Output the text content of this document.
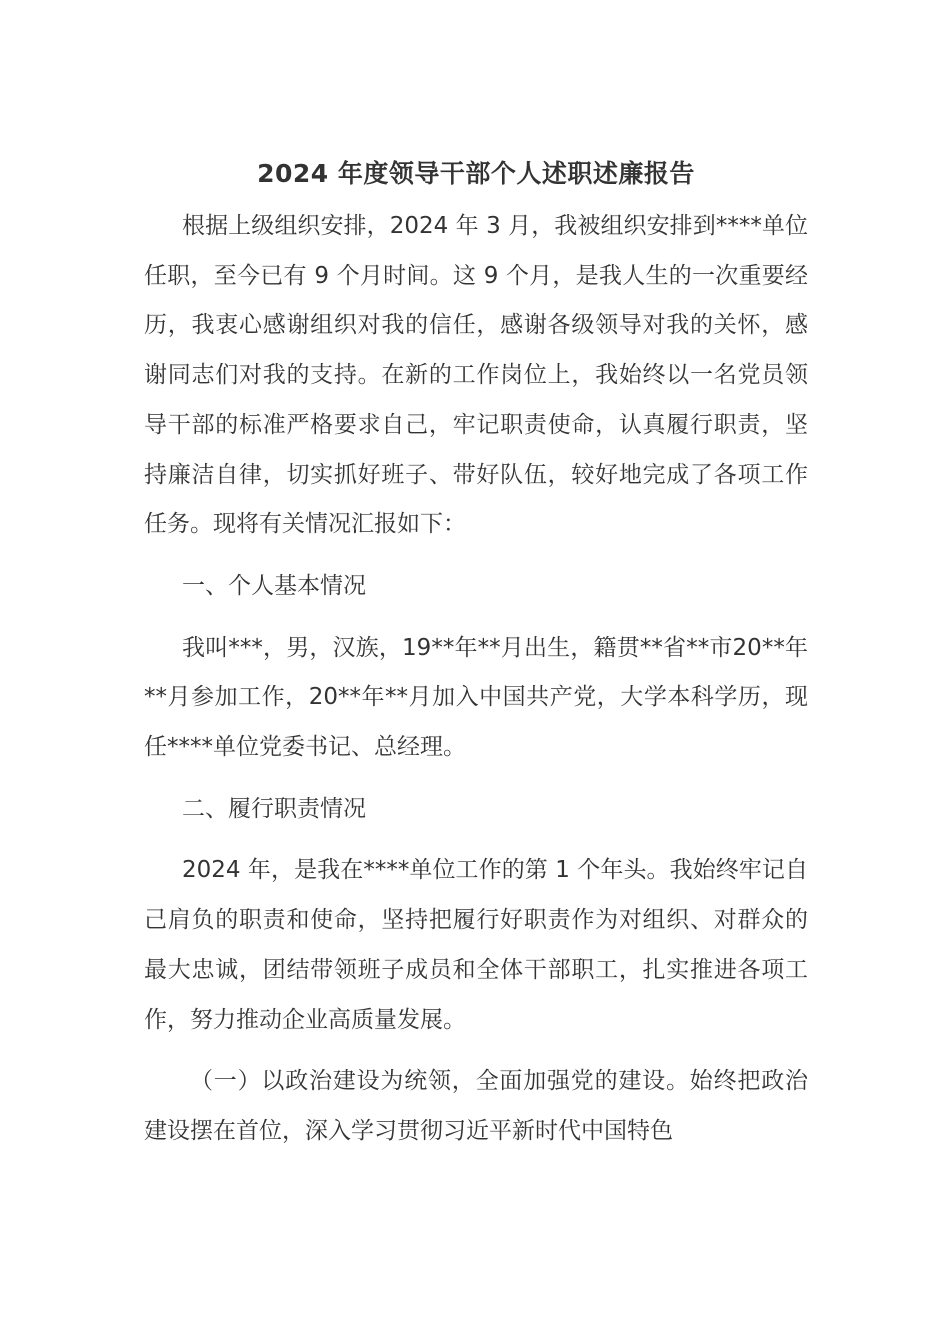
2024 年度领导干部个人述职述廉报告

根据上级组织安排，2024 年 3 月，我被组织安排到****单位任职，至今已有 9 个月时间。这 9 个月，是我人生的一次重要经历，我衷心感谢组织对我的信任，感谢各级领导对我的关怀，感谢同志们对我的支持。在新的工作岗位上，我始终以一名党员领导干部的标准严格要求自己，牢记职责使命，认真履行职责，坚持廉洁自律，切实抓好班子、带好队伍，较好地完成了各项工作任务。现将有关情况汇报如下：

一、个人基本情况

我叫***，男，汉族，19**年**月出生，籍贯**省**市20**年**月参加工作，20**年**月加入中国共产党，大学本科学历，现任****单位党委书记、总经理。

二、履行职责情况

2024 年，是我在****单位工作的第 1 个年头。我始终牢记自己肩负的职责和使命，坚持把履行好职责作为对组织、对群众的最大忠诚，团结带领班子成员和全体干部职工，扎实推进各项工作，努力推动企业高质量发展。

（一）以政治建设为统领，全面加强党的建设。始终把政治建设摆在首位，深入学习贯彻习近平新时代中国特色
